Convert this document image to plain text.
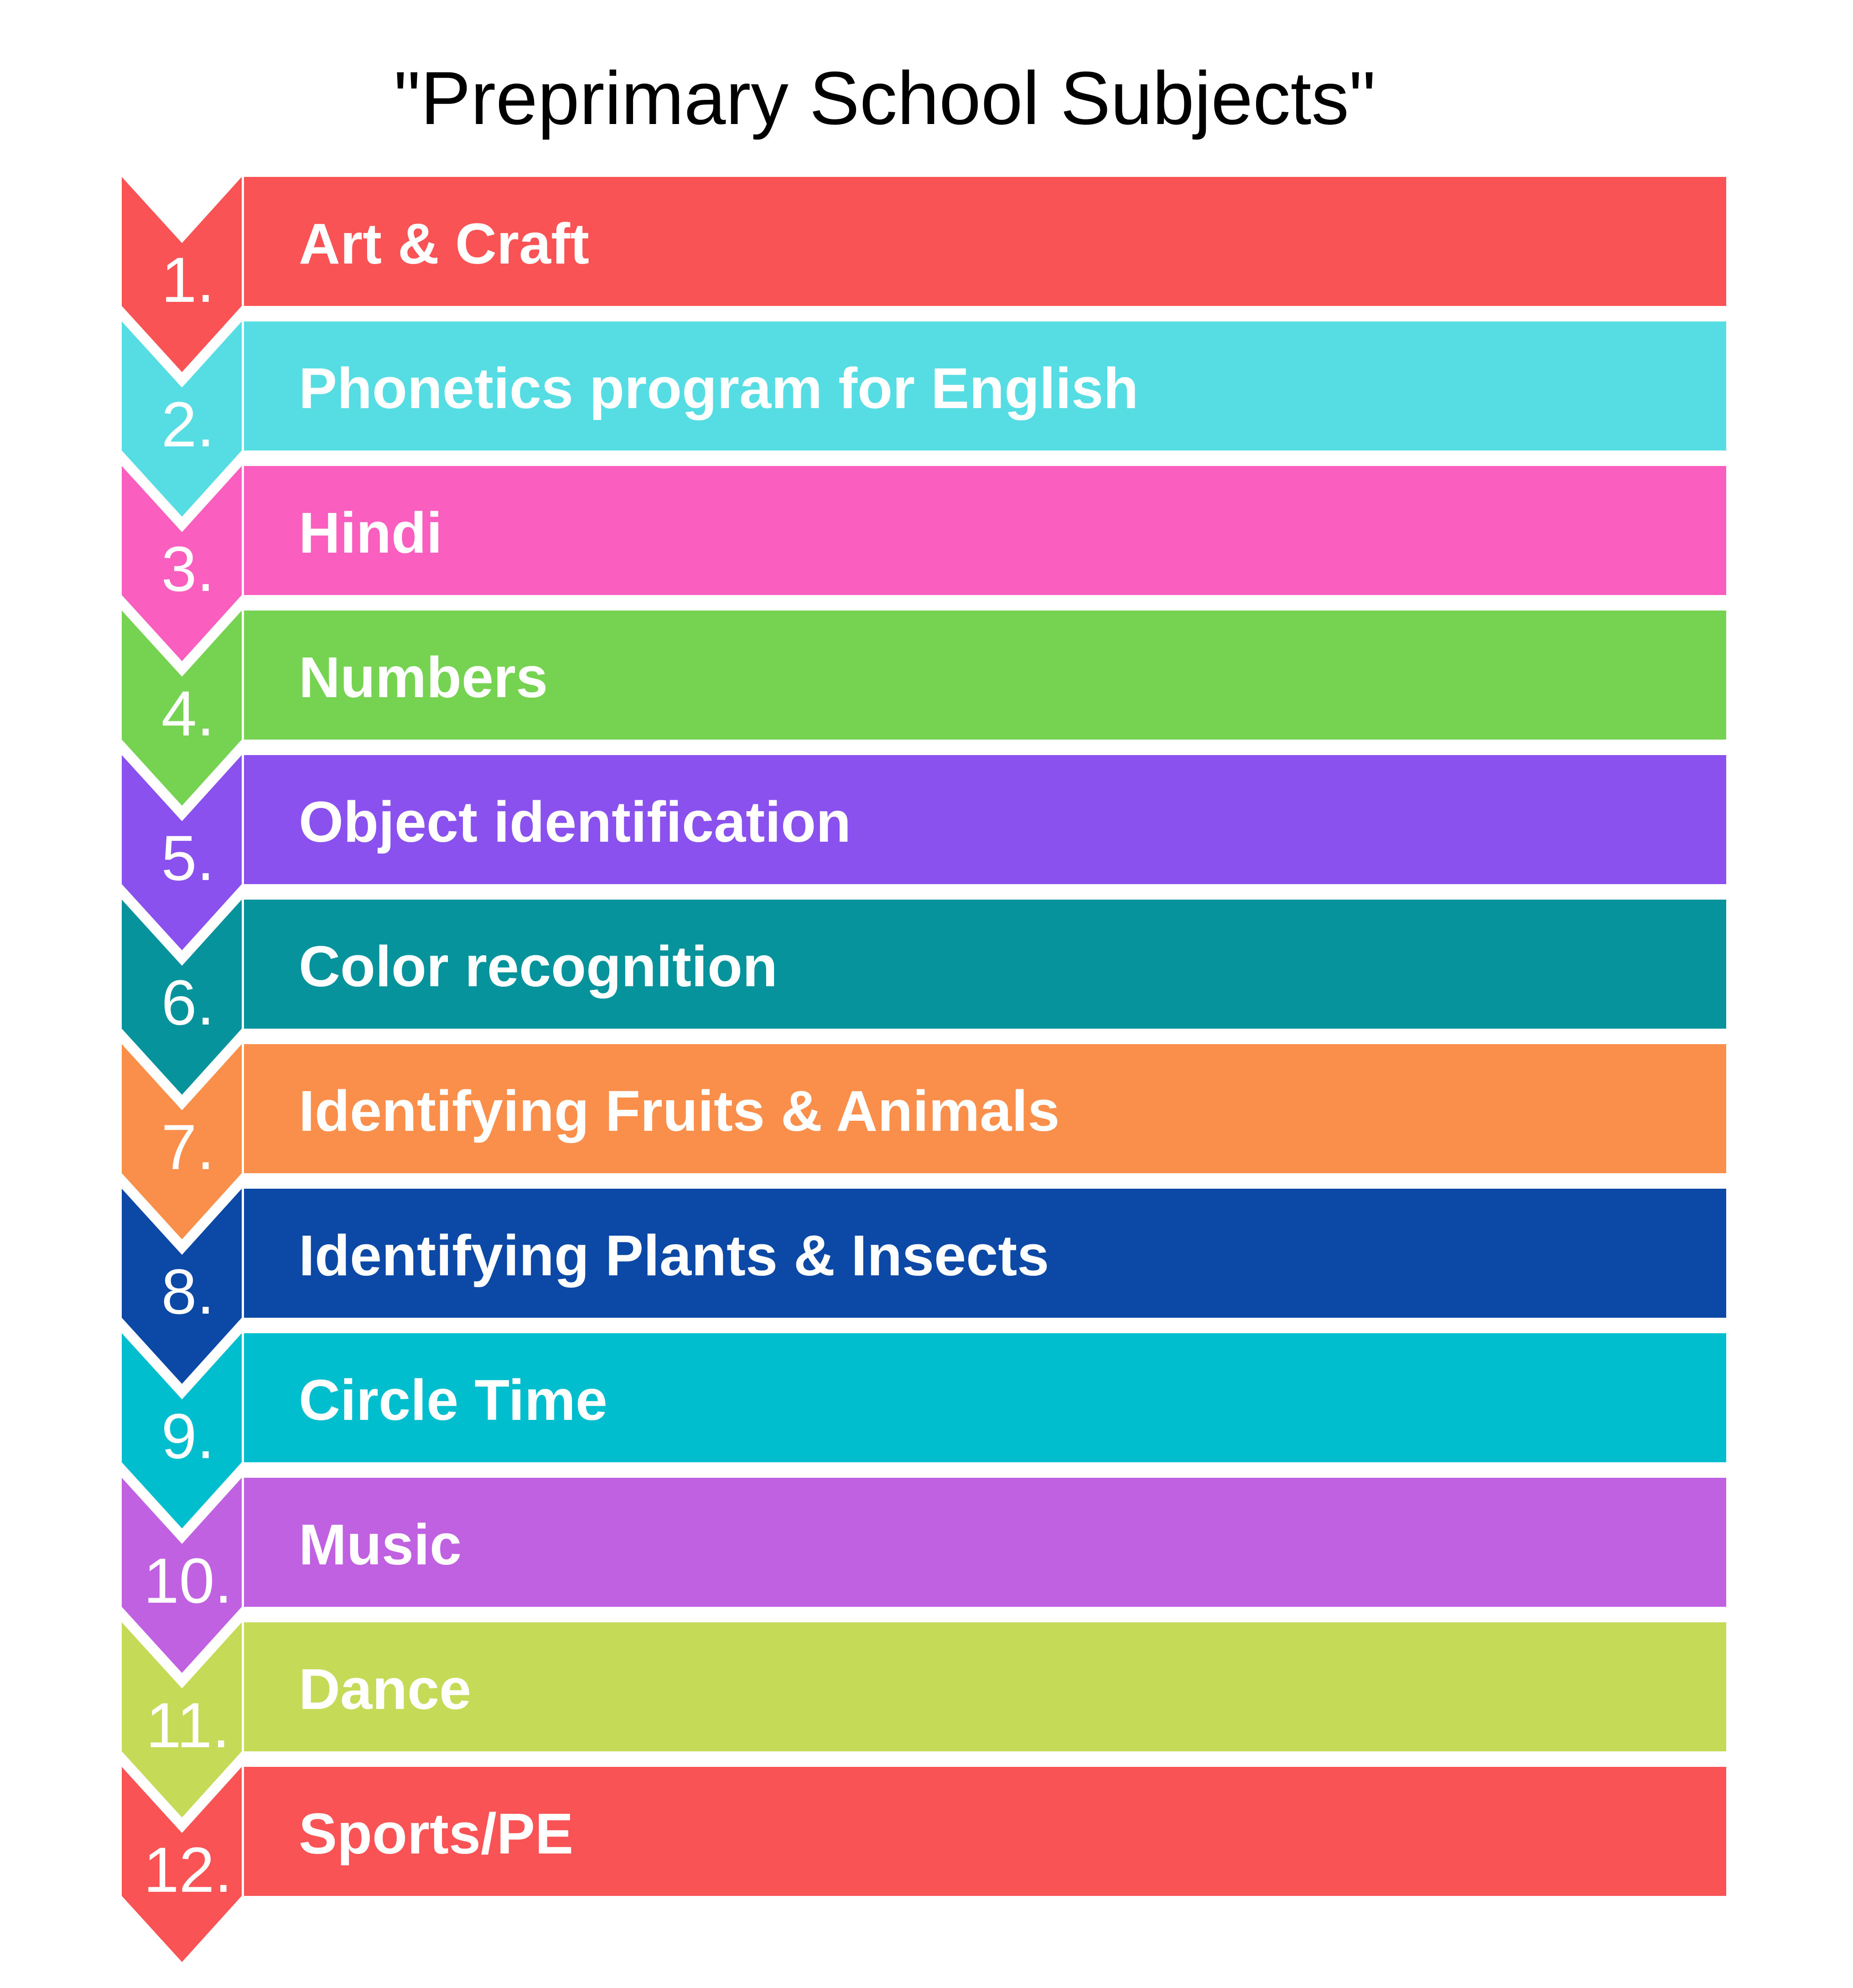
"Preprimary School Subjects"
1.
Art & Craft
2.
Phonetics program for English
3.
Hindi
4.
Numbers
5.
Object identification
6.
Color recognition
7.
Identifying Fruits & Animals
8.
Identifying Plants & Insects
9.
Circle Time
10.
Music
11.
Dance
12.
Sports/PE
